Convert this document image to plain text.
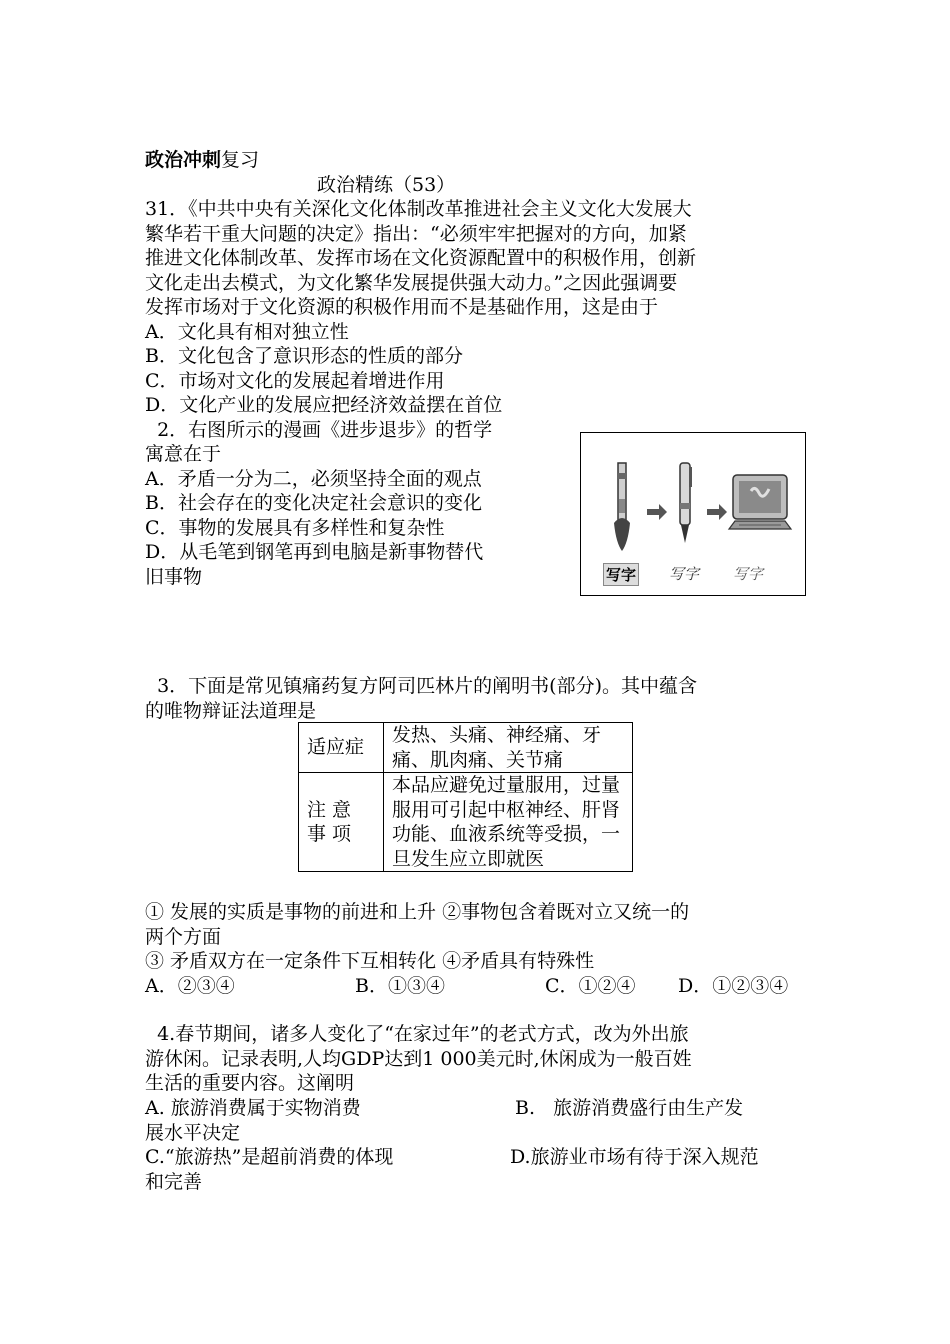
政治冲刺复习

政治精练（53）

31．《中共中央有关深化文化体制改革推进社会主义文化大发展大

繁华若干重大问题的决定》指出：“必须牢牢把握对的方向，加紧

推进文化体制改革、发挥市场在文化资源配置中的积极作用，创新

文化走出去模式，为文化繁华发展提供强大动力。”之因此强调要

发挥市场对于文化资源的积极作用而不是基础作用，这是由于

A．文化具有相对独立性

B．文化包含了意识形态的性质的部分

C．市场对文化的发展起着增进作用

D．文化产业的发展应把经济效益摆在首位

2．右图所示的漫画《进步退步》的哲学

寓意在于

A．矛盾一分为二，必须坚持全面的观点

B．社会存在的变化决定社会意识的变化

C．事物的发展具有多样性和复杂性

D．从毛笔到钢笔再到电脑是新事物替代

旧事物	写字 写字 写字

3．下面是常见镇痛药复方阿司匹林片的阐明书(部分)。其中蕴含

的唯物辩证法道理是

适应症	发热、头痛、神经痛、牙痛、肌肉痛、关节痛
注意事项	本品应避免过量服用，过量服用可引起中枢神经、肝肾功能、血液系统等受损，一旦发生应立即就医

① 发展的实质是事物的前进和上升 ②事物包含着既对立又统一的

两个方面

③ 矛盾双方在一定条件下互相转化 ④矛盾具有特殊性

A．②③④	B．①③④	C．①②④ D．①②③④

4.春节期间，诸多人变化了“在家过年”的老式方式，改为外出旅

游休闲。记录表明,人均GDP达到1 000美元时,休闲成为一般百姓

生活的重要内容。这阐明

A. 旅游消费属于实物消费	B.   旅游消费盛行由生产发
展水平决定
C.“旅游热”是超前消费的体现	D.旅游业市场有待于深入规范
和完善
